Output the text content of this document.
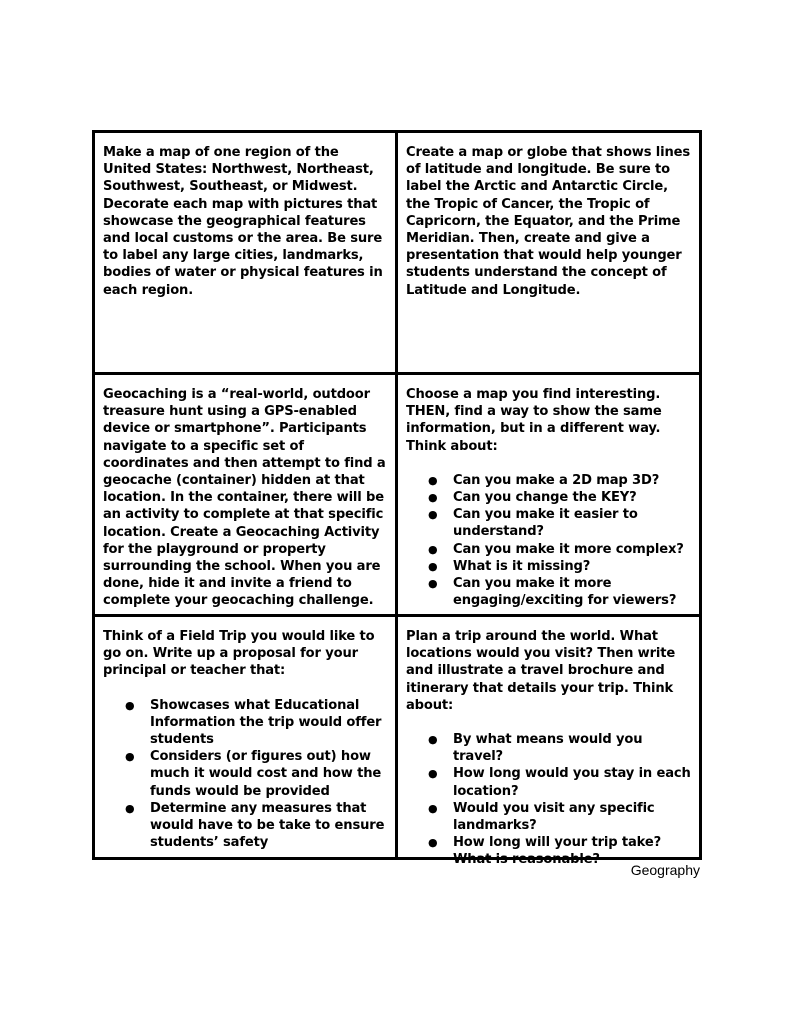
Make a map of one region of the United States: Northwest, Northeast, Southwest, Southeast, or Midwest. Decorate each map with pictures that showcase the geographical features and local customs or the area. Be sure to label any large cities, landmarks, bodies of water or physical features in each region.

Create a map or globe that shows lines of latitude and longitude. Be sure to label the Arctic and Antarctic Circle, the Tropic of Cancer, the Tropic of Capricorn, the Equator, and the Prime Meridian. Then, create and give a presentation that would help younger students understand the concept of Latitude and Longitude.

Geocaching is a “real-world, outdoor treasure hunt using a GPS-enabled device or smartphone”. Participants navigate to a specific set of coordinates and then attempt to find a geocache (container) hidden at that location. In the container, there will be an activity to complete at that specific location. Create a Geocaching Activity for the playground or property surrounding the school. When you are done, hide it and invite a friend to complete your geocaching challenge.

Choose a map you find interesting. THEN, find a way to show the same information, but in a different way. Think about:

● Can you make a 2D map 3D?
● Can you change the KEY?
● Can you make it easier to understand?
● Can you make it more complex?
● What is it missing?
● Can you make it more engaging/exciting for viewers?

Think of a Field Trip you would like to go on. Write up a proposal for your principal or teacher that:

● Showcases what Educational Information the trip would offer students
● Considers (or figures out) how much it would cost and how the funds would be provided
● Determine any measures that would have to be take to ensure students’ safety

Plan a trip around the world. What locations would you visit? Then write and illustrate a travel brochure and itinerary that details your trip. Think about:

● By what means would you travel?
● How long would you stay in each location?
● Would you visit any specific landmarks?
● How long will your trip take? What is reasonable?
Geography
